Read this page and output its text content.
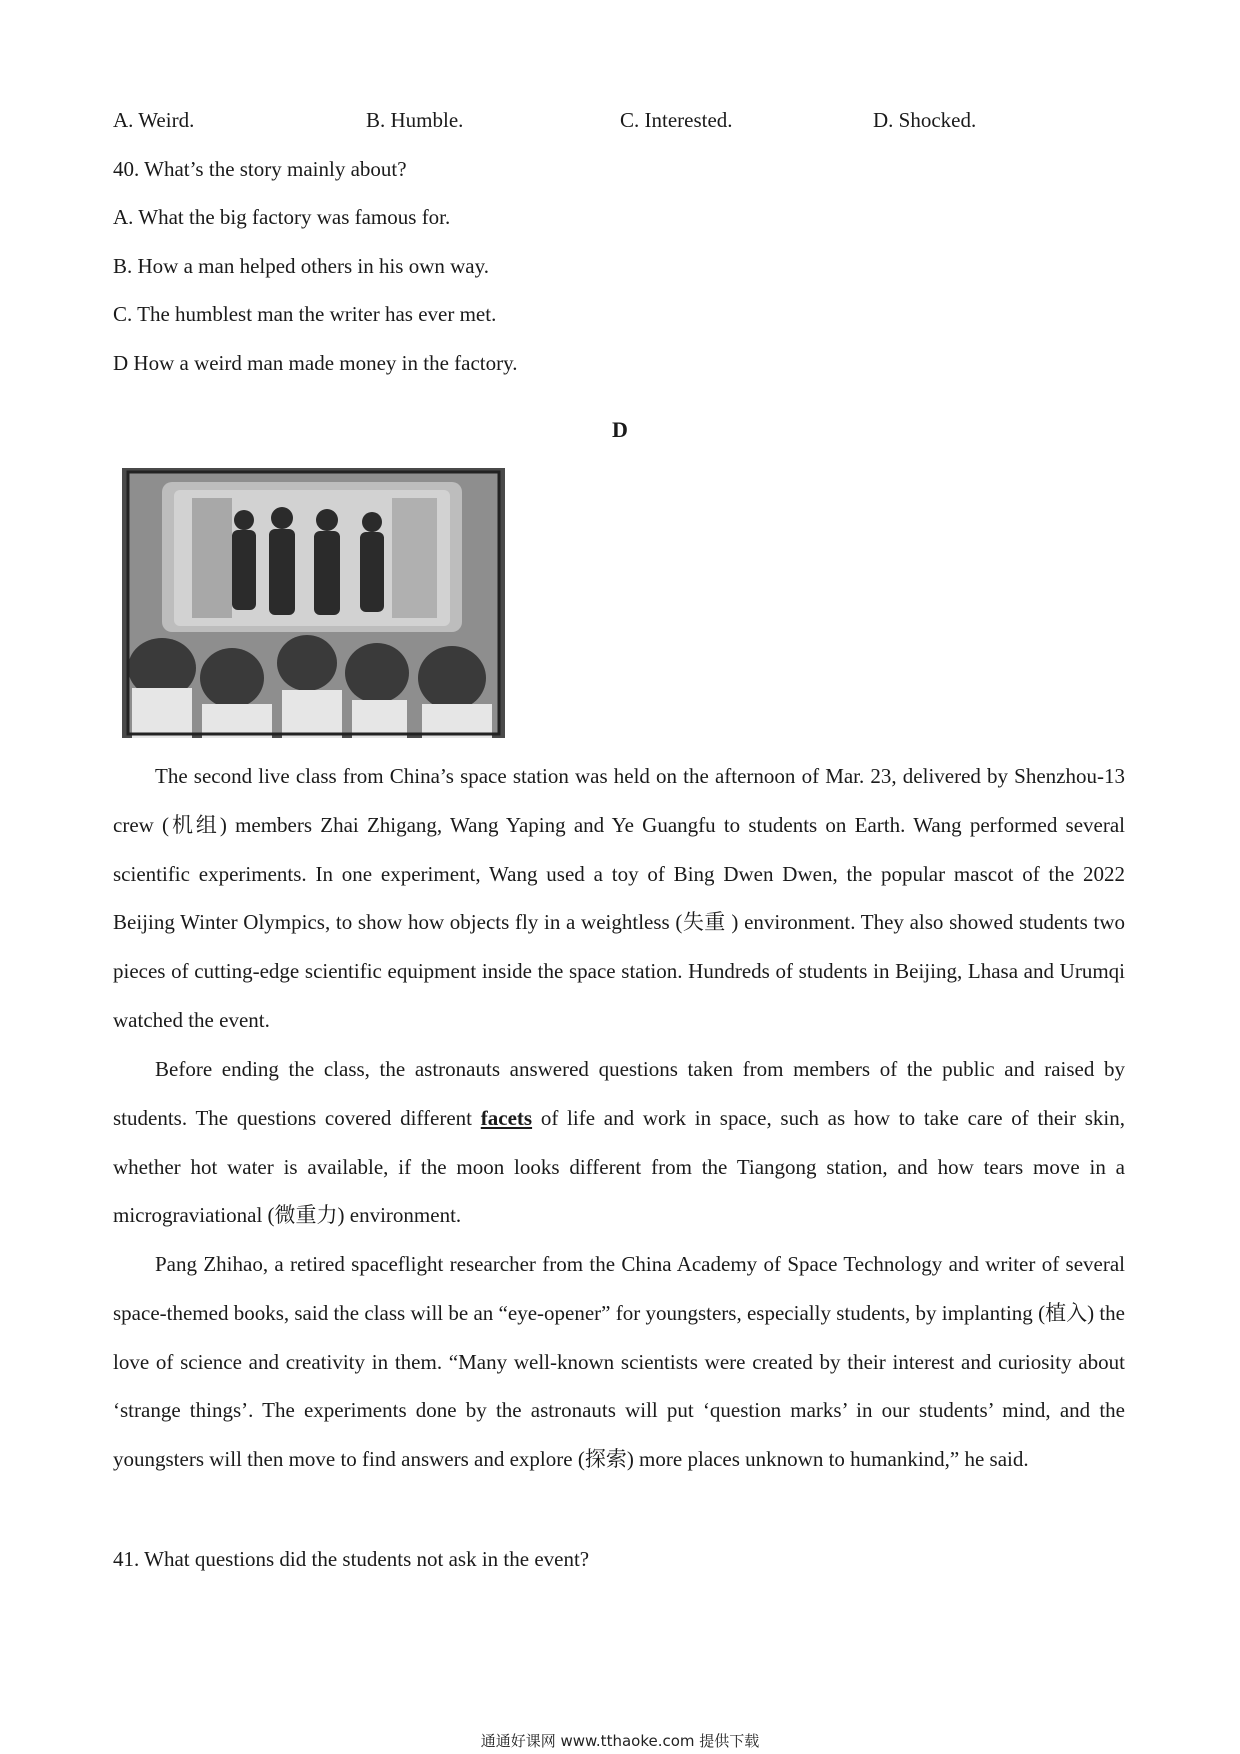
A. Weird.	B. Humble.	C. Interested.	D. Shocked.
40. What’s the story mainly about?
A. What the big factory was famous for.
B. How a man helped others in his own way.
C. The humblest man the writer has ever met.
D How a weird man made money in the factory.
D
The second live class from China’s space station was held on the afternoon of Mar. 23, delivered by Shenzhou-13 crew (机组) members Zhai Zhigang, Wang Yaping and Ye Guangfu to students on Earth. Wang performed several scientific experiments. In one experiment, Wang used a toy of Bing Dwen Dwen, the popular mascot of the 2022 Beijing Winter Olympics, to show how objects fly in a weightless (失重 ) environment. They also showed students two pieces of cutting-edge scientific equipment inside the space station. Hundreds of students in Beijing, Lhasa and Urumqi watched the event.
Before ending the class, the astronauts answered questions taken from members of the public and raised by students. The questions covered different facets of life and work in space, such as how to take care of their skin, whether hot water is available, if the moon looks different from the Tiangong station, and how tears move in a micrograviational (微重力) environment.
Pang Zhihao, a retired spaceflight researcher from the China Academy of Space Technology and writer of several space-themed books, said the class will be an “eye-opener” for youngsters, especially students, by implanting (植入) the love of science and creativity in them. “Many well-known scientists were created by their interest and curiosity about ‘strange things’. The experiments done by the astronauts will put ‘question marks’ in our students’ mind, and the youngsters will then move to find answers and explore (探索) more places unknown to humankind,” he said.
41. What questions did the students not ask in the event?
通通好课网 www.tthaoke.com 提供下载
